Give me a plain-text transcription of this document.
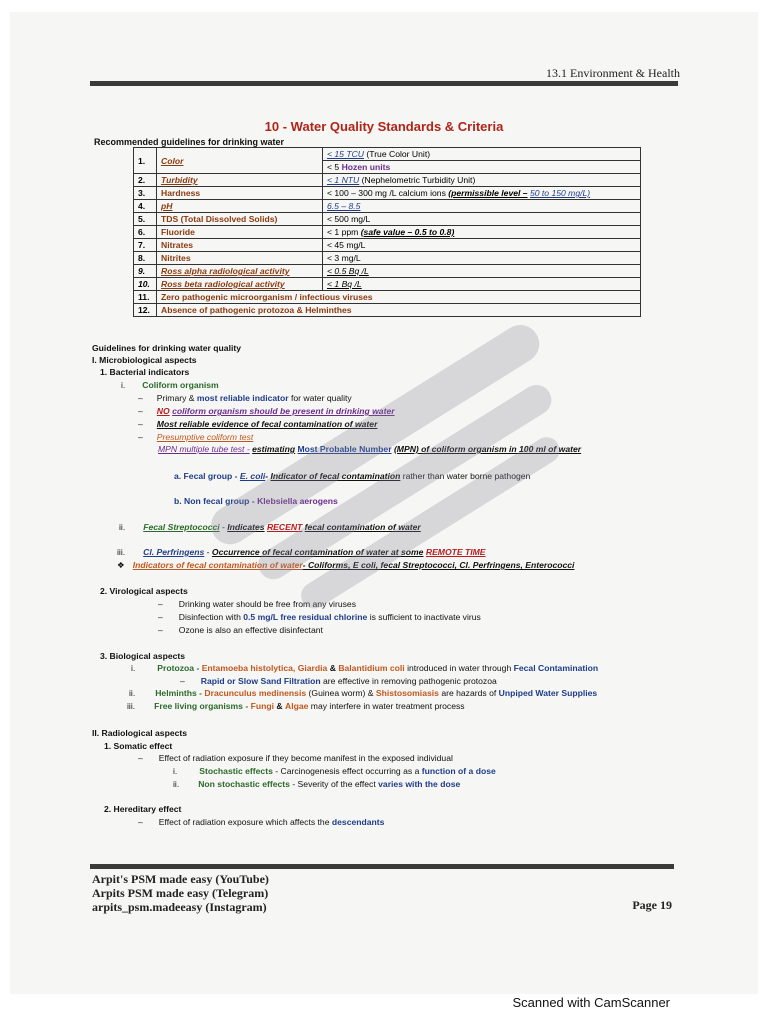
13.1 Environment & Health
10 - Water Quality Standards & Criteria
Recommended guidelines for drinking water
1.	Color	< 15 TCU (True Color Unit)
		< 5 Hozen units
2.	Turbidity	< 1 NTU (Nephelometric Turbidity Unit)
3.	Hardness	< 100 – 300 mg /L calcium ions (permissible level – 50 to 150 mg/L)
4.	pH	6.5 – 8.5
5.	TDS (Total Dissolved Solids)	< 500 mg/L
6.	Fluoride	< 1 ppm (safe value – 0.5 to 0.8)
7.	Nitrates	< 45 mg/L
8.	Nitrites	< 3 mg/L
9.	Ross alpha radiological activity	< 0.5 Bq /L
10.	Ross beta radiological activity	< 1 Bq /L
11.	Zero pathogenic microorganism / infectious viruses	
12.	Absence of pathogenic protozoa & Helminthes	
Guidelines for drinking water quality
I. Microbiological aspects
1. Bacterial indicators
i. Coliform organism
– Primary & most reliable indicator for water quality
– NO coliform organism should be present in drinking water
– Most reliable evidence of fecal contamination of water
– Presumptive coliform test
MPN multiple tube test - estimating Most Probable Number (MPN) of coliform organism in 100 ml of water
a. Fecal group - E. coli- Indicator of fecal contamination rather than water borne pathogen
b. Non fecal group - Klebsiella aerogens
ii. Fecal Streptococci - Indicates RECENT fecal contamination of water
iii. Cl. Perfringens - Occurrence of fecal contamination of water at some REMOTE TIME
❖ Indicators of fecal contamination of water- Coliforms, E coli, fecal Streptococci, Cl. Perfringens, Enterococci
2. Virological aspects
– Drinking water should be free from any viruses
– Disinfection with 0.5 mg/L free residual chlorine is sufficient to inactivate virus
– Ozone is also an effective disinfectant
3. Biological aspects
i.	Protozoa - Entamoeba histolytica, Giardia & Balantidium coli introduced in water through Fecal Contamination
– Rapid or Slow Sand Filtration are effective in removing pathogenic protozoa
ii. Helminths - Dracunculus medinensis (Guinea worm) & Shistosomiasis are hazards of Unpiped Water Supplies
iii. Free living organisms - Fungi & Algae may interfere in water treatment process
II. Radiological aspects
1. Somatic effect
– Effect of radiation exposure if they become manifest in the exposed individual
i.	Stochastic effects - Carcinogenesis effect occurring as a function of a dose
ii. Non stochastic effects - Severity of the effect varies with the dose
2. Hereditary effect
– Effect of radiation exposure which affects the descendants
Arpit's PSM made easy (YouTube)
Arpits PSM made easy (Telegram)
arpits_psm.madeeasy (Instagram)	Page 19
Scanned with CamScanner
